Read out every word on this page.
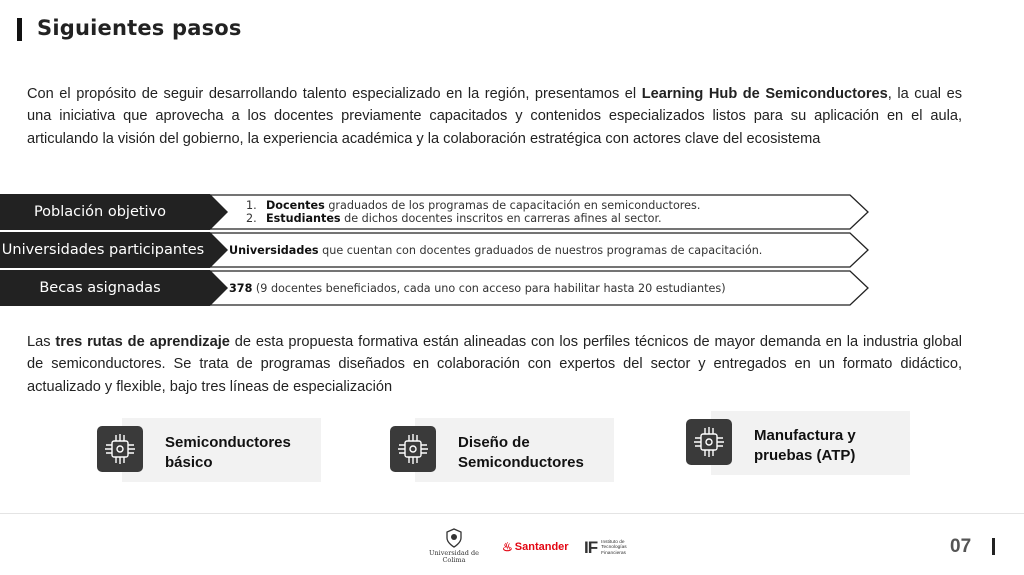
Siguientes pasos
Con el propósito de seguir desarrollando talento especializado en la región, presentamos el Learning Hub de Semiconductores, la cual es una iniciativa que aprovecha a los docentes previamente capacitados y contenidos especializados listos para su aplicación en el aula, articulando la visión del gobierno, la experiencia académica y la colaboración estratégica con actores clave del ecosistema
1. Docentes graduados de los programas de capacitación en semiconductores.
2. Estudiantes de dichos docentes inscritos en carreras afines al sector.
Población objetivo
Universidades que cuentan con docentes graduados de nuestros programas de capacitación.
Universidades participantes
378 (9 docentes beneficiados, cada uno con acceso para habilitar hasta 20 estudiantes)
Becas asignadas
Las tres rutas de aprendizaje de esta propuesta formativa están alineadas con los perfiles técnicos de mayor demanda en la industria global de semiconductores. Se trata de programas diseñados en colaboración con expertos del sector y entregados en un formato didáctico, actualizado y flexible, bajo tres líneas de especialización
Semiconductores
básico
Diseño de
Semiconductores
Manufactura y
pruebas (ATP)
Universidad de Colima
♨ Santander IF Instituto de Tecnologías Financieras	07
